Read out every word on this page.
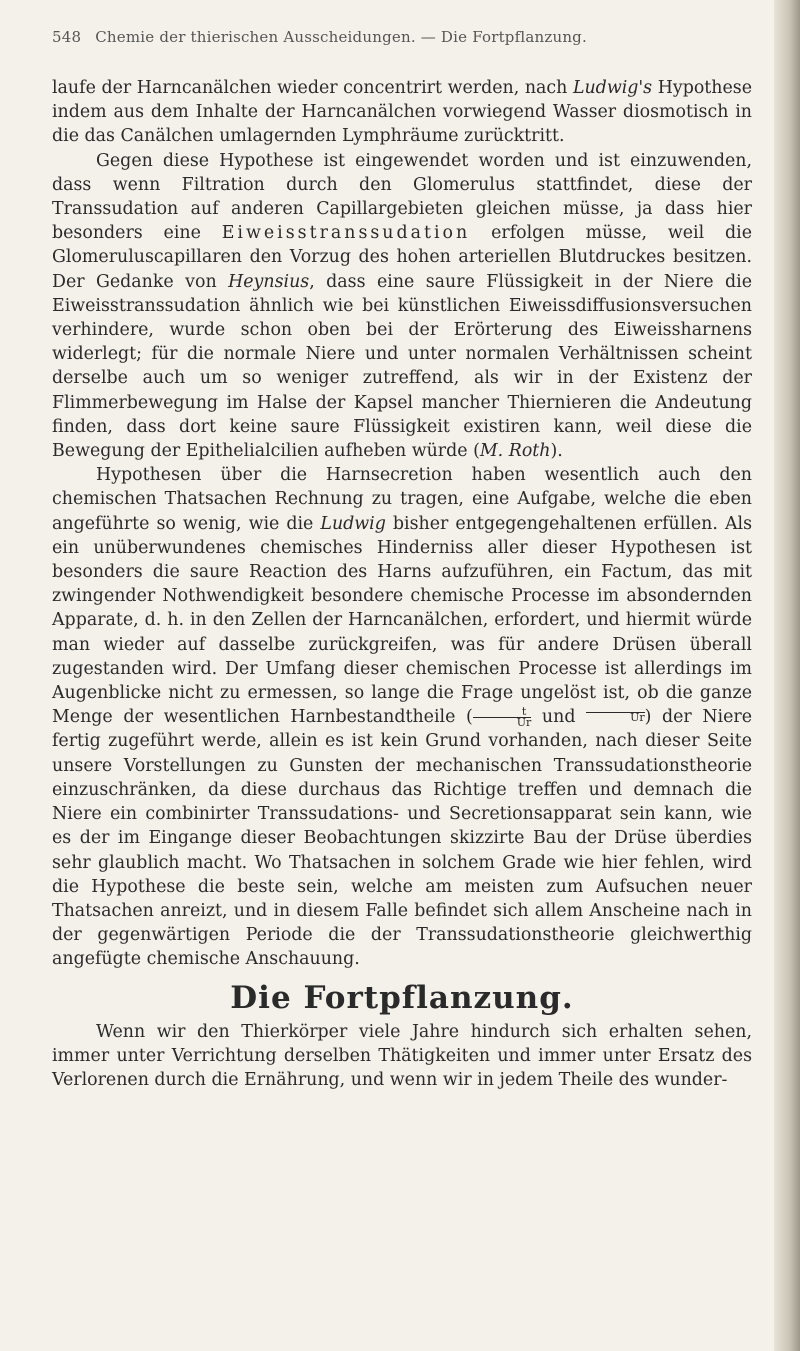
548 Chemie der thierischen Ausscheidungen. — Die Fortpflanzung.

laufe der Harncanälchen wieder concentrirt werden, nach Ludwig's Hypothese indem aus dem Inhalte der Harncanälchen vorwiegend Wasser diosmotisch in die das Canälchen umlagernden Lymphräume zurücktritt.

Gegen diese Hypothese ist eingewendet worden und ist einzuwenden, dass wenn Filtration durch den Glomerulus stattfindet, diese der Transsudation auf anderen Capillargebieten gleichen müsse, ja dass hier besonders eine Eiweisstranssudation erfolgen müsse, weil die Glomeruluscapillaren den Vorzug des hohen arteriellen Blutdruckes besitzen. Der Gedanke von Heynsius, dass eine saure Flüssigkeit in der Niere die Eiweisstranssudation ähnlich wie bei künstlichen Eiweissdiffusionsversuchen verhindere, wurde schon oben bei der Erörterung des Eiweissharnens widerlegt; für die normale Niere und unter normalen Verhältnissen scheint derselbe auch um so weniger zutreffend, als wir in der Existenz der Flimmerbewegung im Halse der Kapsel mancher Thiernieren die Andeutung finden, dass dort keine saure Flüssigkeit existiren kann, weil diese die Bewegung der Epithelialcilien aufheben würde (M. Roth).

Hypothesen über die Harnsecretion haben wesentlich auch den chemischen Thatsachen Rechnung zu tragen, eine Aufgabe, welche die eben angeführte so wenig, wie die Ludwig bisher entgegengehaltenen erfüllen. Als ein unüberwundenes chemisches Hinderniss aller dieser Hypothesen ist besonders die saure Reaction des Harns aufzuführen, ein Factum, das mit zwingender Nothwendigkeit besondere chemische Processe im absondernden Apparate, d. h. in den Zellen der Harncanälchen, erfordert, und hiermit würde man wieder auf dasselbe zurückgreifen, was für andere Drüsen überall zugestanden wird. Der Umfang dieser chemischen Processe ist allerdings im Augenblicke nicht zu ermessen, so lange die Frage ungelöst ist, ob die ganze Menge der wesentlichen Harnbestandtheile ( $\frac{t}{Ur}$ und	Ur ) der Niere fertig zugeführt werde, allein es ist kein Grund vorhanden, nach dieser Seite unsere Vorstellungen zu Gunsten der mechanischen Transsudationstheorie einzuschränken, da diese durchaus das Richtige treffen und demnach die Niere ein combinirter Transsudations- und Secretionsapparat sein kann, wie es der im Eingange dieser Beobachtungen skizzirte Bau der Drüse überdies sehr glaublich macht. Wo Thatsachen in solchem Grade wie hier fehlen, wird die Hypothese die beste sein, welche am meisten zum Aufsuchen neuer Thatsachen anreizt, und in diesem Falle befindet sich allem Anscheine nach in der gegenwärtigen Periode die der Transsudationstheorie gleichwerthig angefügte chemische Anschauung.

Die Fortpflanzung.

Wenn wir den Thierkörper viele Jahre hindurch sich erhalten sehen, immer unter Verrichtung derselben Thätigkeiten und immer unter Ersatz des Verlorenen durch die Ernährung, und wenn wir in jedem Theile des wunder-
